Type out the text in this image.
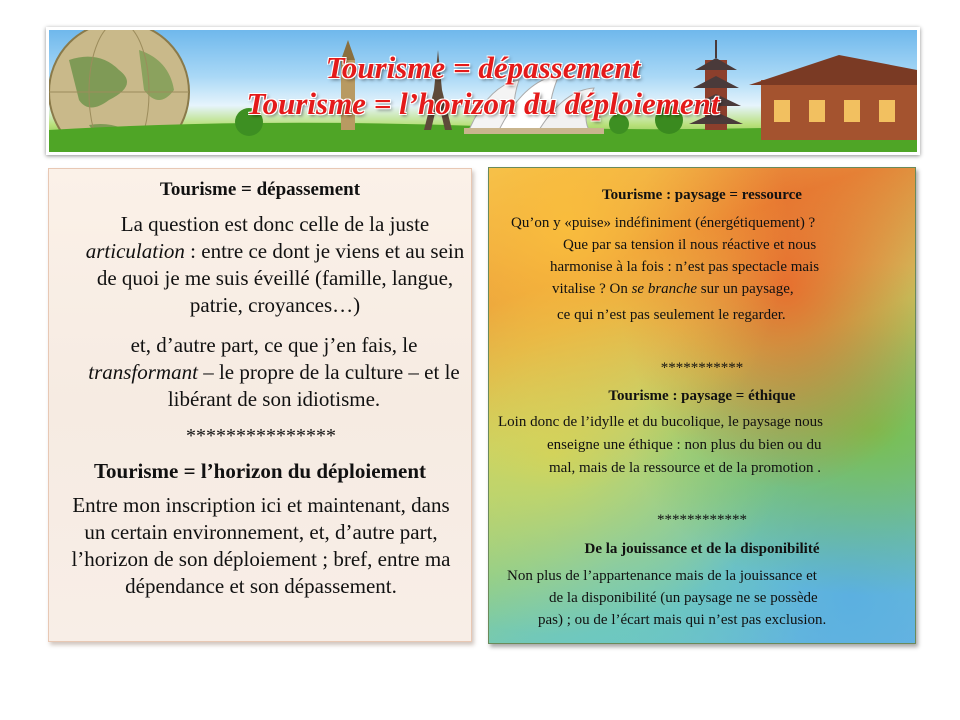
Tourisme = dépassement
Tourisme = l’horizon du déploiement
Tourisme = dépassement
La question est donc celle de la juste articulation : entre ce dont je viens et au sein de quoi je me suis éveillé (famille, langue, patrie, croyances…)
et, d’autre part, ce que j’en fais, le transformant – le propre de la culture – et le libérant de son idiotisme.
***************
Tourisme = l’horizon du déploiement
Entre mon inscription ici et maintenant, dans un certain environnement, et, d’autre part, l’horizon de son déploiement ; bref, entre ma dépendance et son dépassement.
Tourisme : paysage = ressource
Qu’on y «puise» indéfiniment (énergétiquement) ?
Que par sa tension il nous réactive et nous
harmonise à la fois : n’est pas spectacle mais
vitalise ? On se branche sur un paysage,
ce qui n’est pas seulement le regarder.
***********
Tourisme : paysage = éthique
Loin donc de l’idylle et du bucolique, le paysage nous
enseigne une éthique : non plus du bien ou du
mal, mais de la ressource et de la promotion .
************
De la jouissance et de la disponibilité
Non plus de l’appartenance mais de la jouissance et
de la disponibilité (un paysage ne se possède
pas) ; ou de l’écart mais qui n’est pas exclusion.
